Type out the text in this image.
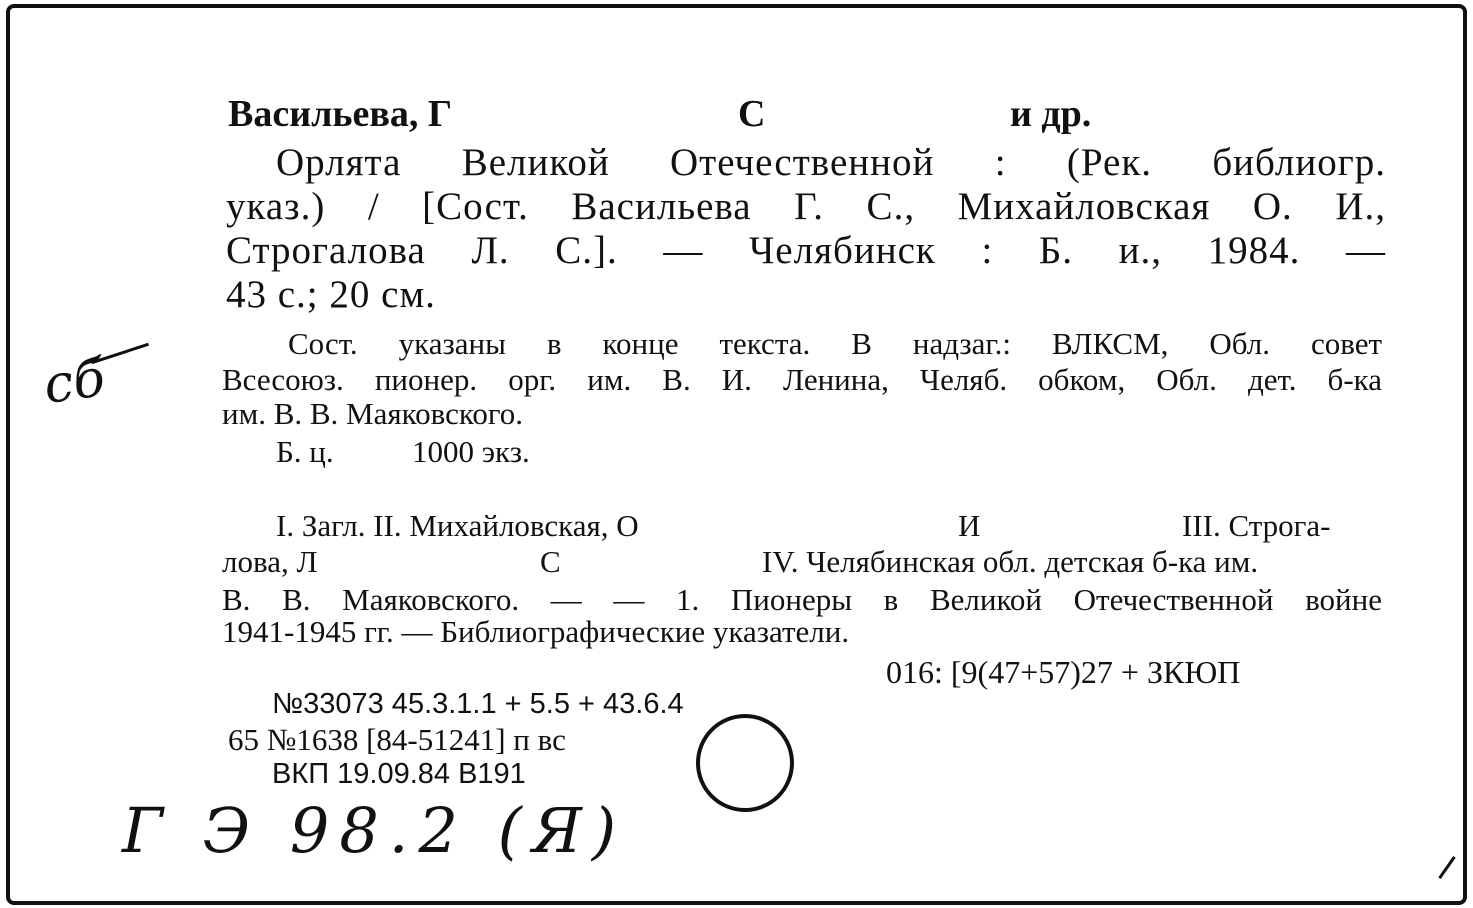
Васильева, Г	С	и др.
Орлята Великой Отечественной : (Рек. библиогр.
указ.) / [Сост. Васильева Г. С., Михайловская О. И.,
Строгалова Л. С.]. — Челябинск : Б. и., 1984. —
43 с.; 20 см.
Сост. указаны в конце текста. В надзаг.: ВЛКСМ, Обл. совет
Всесоюз. пионер. орг. им. В. И. Ленина, Челяб. обком, Обл. дет. б-ка
им. В. В. Маяковского.
Б. ц.	1000 экз.
I. Загл. II. Михайловская, О	И	III. Строга-
лова, Л	С	IV. Челябинская обл. детская б-ка им.
В. В. Маяковского. — — 1. Пионеры в Великой Отечественной войне
1941-1945 гг. — Библиографические указатели.
016: [9(47+57)27 + ЗКЮП
№33073 45.3.1.1 + 5.5 + 43.6.4
65 №1638 [84-51241] п вс
ВКП 19.09.84 В191
сб
Г Э 98.2 (Я)
